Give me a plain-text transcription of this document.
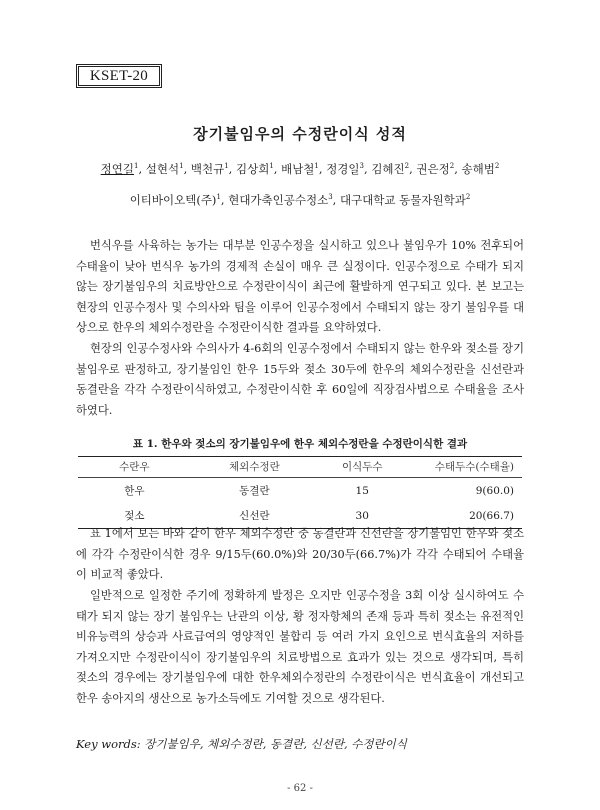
KSET-20
장기불임우의 수정란이식 성적
정연길$^1$, 설현석$^1$, 백천규$^1$, 김상희$^1$, 배남철$^1$, 정경일$^3$, 김혜진$^2$, 권은정$^2$, 송해범$^2$
이티바이오텍(주)$^1$, 현대가축인공수정소$^3$, 대구대학교 동물자원학과$^2$

번식우를 사육하는 농가는 대부분 인공수정을 실시하고 있으나 불임우가 10% 전후되어 수태율이 낮아 번식우 농가의 경제적 손실이 매우 큰 실정이다. 인공수정으로 수태가 되지 않는 장기불임우의 치료방안으로 수정란이식이 최근에 활발하게 연구되고 있다. 본 보고는 현장의 인공수정사 및 수의사와 팀을 이루어 인공수정에서 수태되지 않는 장기 불임우를 대상으로 한우의 체외수정란을 수정란이식한 결과를 요약하였다.

현장의 인공수정사와 수의사가 4-6회의 인공수정에서 수태되지 않는 한우와 젖소를 장기불임우로 판정하고, 장기불임인 한우 15두와 젖소 30두에 한우의 체외수정란을 신선란과 동결란을 각각 수정란이식하였고, 수정란이식한 후 60일에 직장검사법으로 수태율을 조사하였다.

표 1. 한우와 젖소의 장기불임우에 한우 체외수정란을 수정란이식한 결과
수란우	체외수정란	이식두수	수태두수(수태율)
한우	동결란	15	9(60.0)
젖소	신선란	30	20(66.7)

표 1에서 보는 바와 같이 한우 체외수정란 중 동결란과 신선란을 장기불임인 한우와 젖소에 각각 수정란이식한 경우 9/15두(60.0%)와 20/30두(66.7%)가 각각 수태되어 수태율이 비교적 좋았다.

일반적으로 일정한 주기에 정확하게 발정은 오지만 인공수정을 3회 이상 실시하여도 수태가 되지 않는 장기 불임우는 난관의 이상, 황 정자항체의 존재 등과 특히 젖소는 유전적인 비유능력의 상승과 사료급여의 영양적인 불합리 등 여러 가지 요인으로 번식효율의 저하를 가져오지만 수정란이식이 장기불임우의 치료방법으로 효과가 있는 것으로 생각되며, 특히 젖소의 경우에는 장기불임우에 대한 한우체외수정란의 수정란이식은 번식효율이 개선되고 한우 송아지의 생산으로 농가소득에도 기여할 것으로 생각된다.

Key words: 장기불임우, 체외수정란, 동결란, 신선란, 수정란이식
- 62 -
